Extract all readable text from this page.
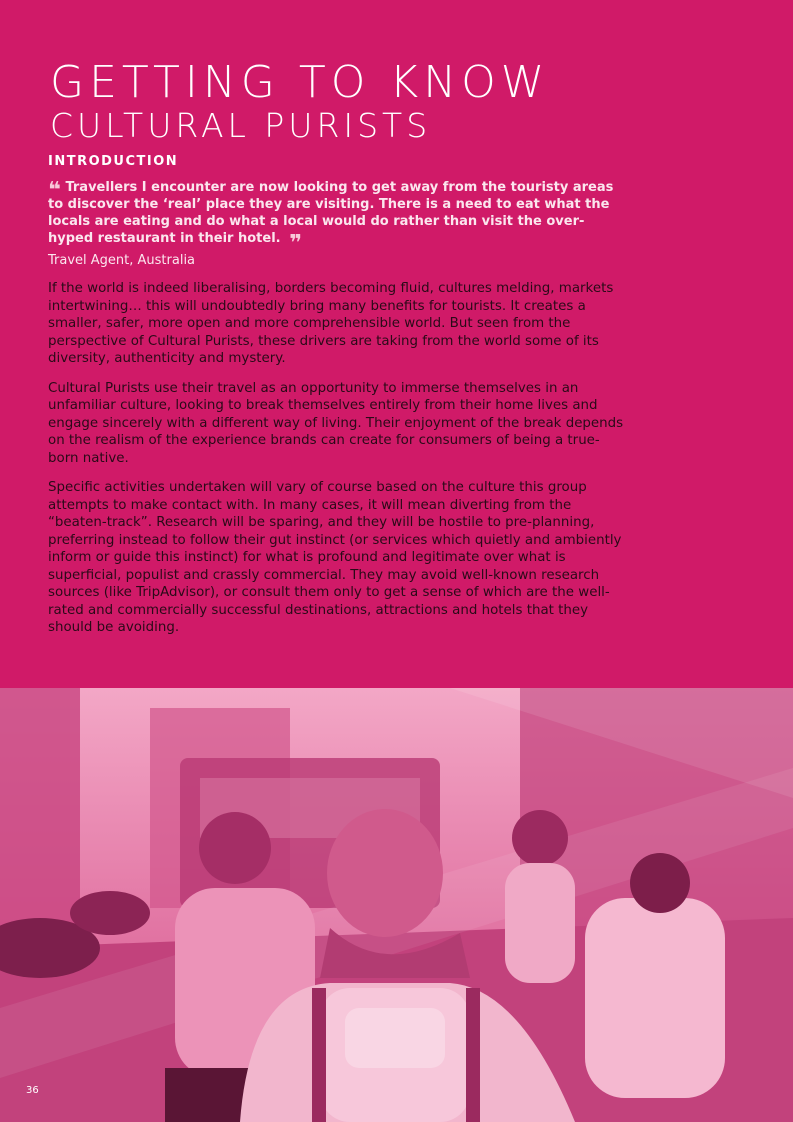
GETTING TO KNOW
CULTURAL PURISTS
INTRODUCTION

❝ Travellers I encounter are now looking to get away from the touristy areas to discover the ‘real’ place they are visiting. There is a need to eat what the locals are eating and do what a local would do rather than visit the over-hyped restaurant in their hotel. ❞

Travel Agent, Australia

If the world is indeed liberalising, borders becoming fluid, cultures melding, markets intertwining… this will undoubtedly bring many benefits for tourists. It creates a smaller, safer, more open and more comprehensible world. But seen from the perspective of Cultural Purists, these drivers are taking from the world some of its diversity, authenticity and mystery.

Cultural Purists use their travel as an opportunity to immerse themselves in an unfamiliar culture, looking to break themselves entirely from their home lives and engage sincerely with a different way of living. Their enjoyment of the break depends on the realism of the experience brands can create for consumers of being a true-born native.

Specific activities undertaken will vary of course based on the culture this group attempts to make contact with. In many cases, it will mean diverting from the “beaten-track”. Research will be sparing, and they will be hostile to pre-planning, preferring instead to follow their gut instinct (or services which quietly and ambiently inform or guide this instinct) for what is profound and legitimate over what is superficial, populist and crassly commercial. They may avoid well-known research sources (like TripAdvisor), or consult them only to get a sense of which are the well-rated and commercially successful destinations, attractions and hotels that they should be avoiding.

36
